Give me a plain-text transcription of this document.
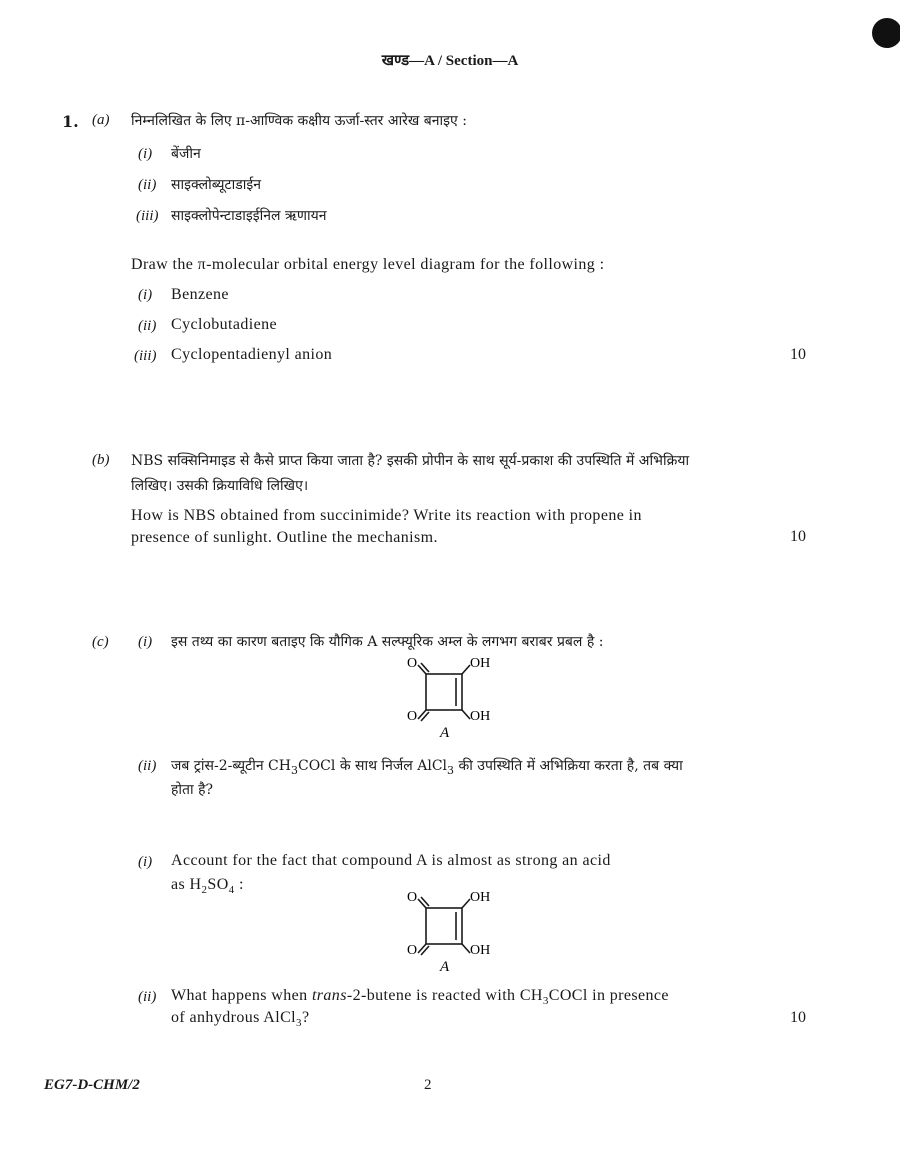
खण्ड—A / Section—A
1. (a) निम्नलिखित के लिए π-आण्विक कक्षीय ऊर्जा-स्तर आरेख बनाइए :
(i) बेंजीन
(ii) साइक्लोब्यूटाडाईन
(iii) साइक्लोपेन्टाडाइईनिल ऋणायन
Draw the π-molecular orbital energy level diagram for the following :
(i) Benzene
(ii) Cyclobutadiene
(iii) Cyclopentadienyl anion	10
(b) NBS सक्सिनिमाइड से कैसे प्राप्त किया जाता है? इसकी प्रोपीन के साथ सूर्य-प्रकाश की उपस्थिति में अभिक्रिया
लिखिए। उसकी क्रियाविधि लिखिए।
How is NBS obtained from succinimide? Write its reaction with propene in
presence of sunlight. Outline the mechanism.	10
(c) (i) इस तथ्य का कारण बताइए कि यौगिक A सल्फ्यूरिक अम्ल के लगभग बराबर प्रबल है :
O
O
OH
OH
A
(ii) जब ट्रांस-2-ब्यूटीन $CH_3COCl$ के साथ निर्जल AlCl$_3$ की उपस्थिति में अभिक्रिया करता है, तब क्या
होता है?
(i) Account for the fact that compound A is almost as strong an acid
as $H_2SO_4$ :
O
O
OH
OH
A
(ii) What happens when trans-2-butene is reacted with $CH_3COCl$ in presence
of anhydrous AlCl$_3$?	10
EG7-D-CHM/2	2
